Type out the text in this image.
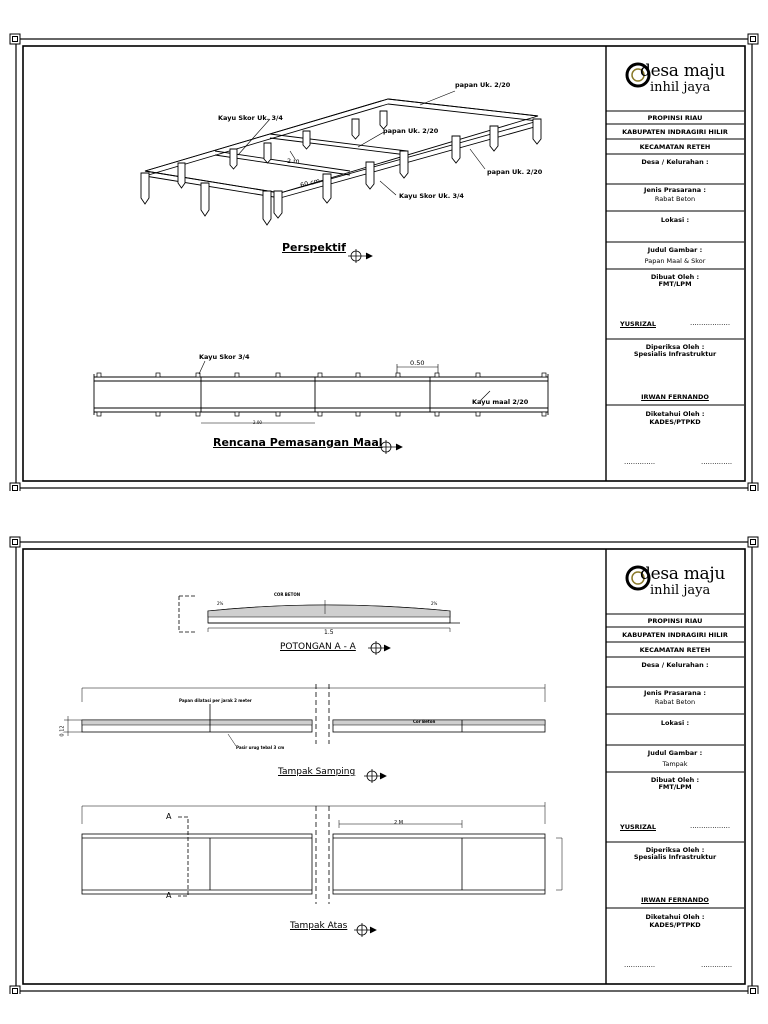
papan Uk. 2/20
Kayu Skor Uk. 3/4
papan Uk. 2/20
papan Uk. 2/20
Kayu Skor Uk. 3/4
2 m
60 cm
Perspektif
Kayu Skor 3/4
0.50
Kayu maal 2/20
2.00
Rencana Pemasangan Maal
desa maju
inhil jaya
PROPINSI RIAU
KABUPATEN INDRAGIRI HILIR
KECAMATAN RETEH
Desa / Kelurahan :
Jenis Prasarana :
Rabat Beton
Lokasi :
Judul Gambar :
Papan Maal & Skor
Dibuat Oleh :
FMT/LPM
YUSRIZAL	..................
Diperiksa Oleh :
Spesialis Infrastruktur
IRWAN FERNANDO
Diketahui Oleh :
KADES/PTPKD
..............	..............
COR BETON
2%	2%
1.5
POTONGAN A - A
Papan dilatasi per jarak 2 meter
Cor Beton
Pasir urug tebal 3 cm
0.12
Tampak Samping
2 M
A
A
Tampak Atas
desa maju
inhil jaya
PROPINSI RIAU
KABUPATEN INDRAGIRI HILIR
KECAMATAN RETEH
Desa / Kelurahan :
Jenis Prasarana :
Rabat Beton
Lokasi :
Judul Gambar :
Tampak
Dibuat Oleh :
FMT/LPM
YUSRIZAL	..................
Diperiksa Oleh :
Spesialis Infrastruktur
IRWAN FERNANDO
Diketahui Oleh :
KADES/PTPKD
..............	..............
